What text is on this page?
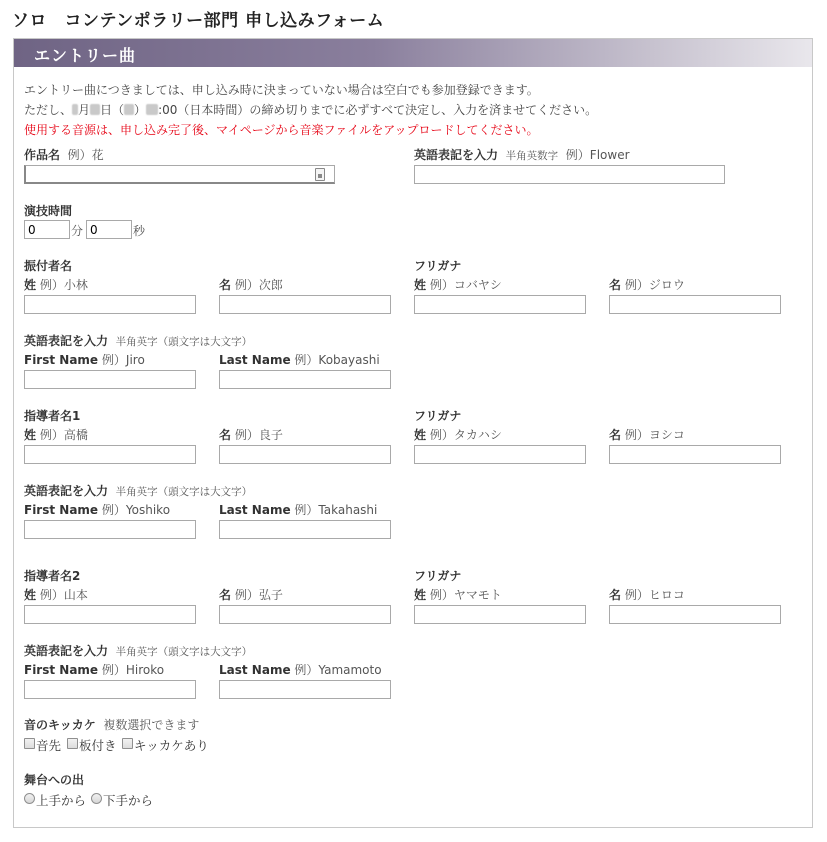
ソロ　コンテンポラリー部門 申し込みフォーム
エントリー曲
エントリー曲につきましては、申し込み時に決まっていない場合は空白でも参加登録できます。
ただし、 月 日（ ） :00（日本時間）の締め切りまでに必ずすべて決定し、入力を済ませてください。
使用する音源は、申し込み完了後、マイページから音楽ファイルをアップロードしてください。
作品名 例）花	英語表記を入力 半角英数字 例）Flower
演技時間
0
分
0	秒
振付者名	フリガナ
姓 例）小林	名 例）次郎	姓 例）コバヤシ	名 例）ジロウ
英語表記を入力 半角英字（頭文字は大文字）
First Name 例）Jiro	Last Name 例）Kobayashi
指導者名1	フリガナ
姓 例）高橋	名 例）良子	姓 例）タカハシ	名 例）ヨシコ
英語表記を入力 半角英字（頭文字は大文字）
First Name 例）Yoshiko	Last Name 例）Takahashi
指導者名2	フリガナ
姓 例）山本	名 例）弘子	姓 例）ヤマモト	名 例）ヒロコ
英語表記を入力 半角英字（頭文字は大文字）
First Name 例）Hiroko	Last Name 例）Yamamoto
音のキッカケ 複数選択できます
音先 板付き キッカケあり
舞台への出
上手から 下手から
